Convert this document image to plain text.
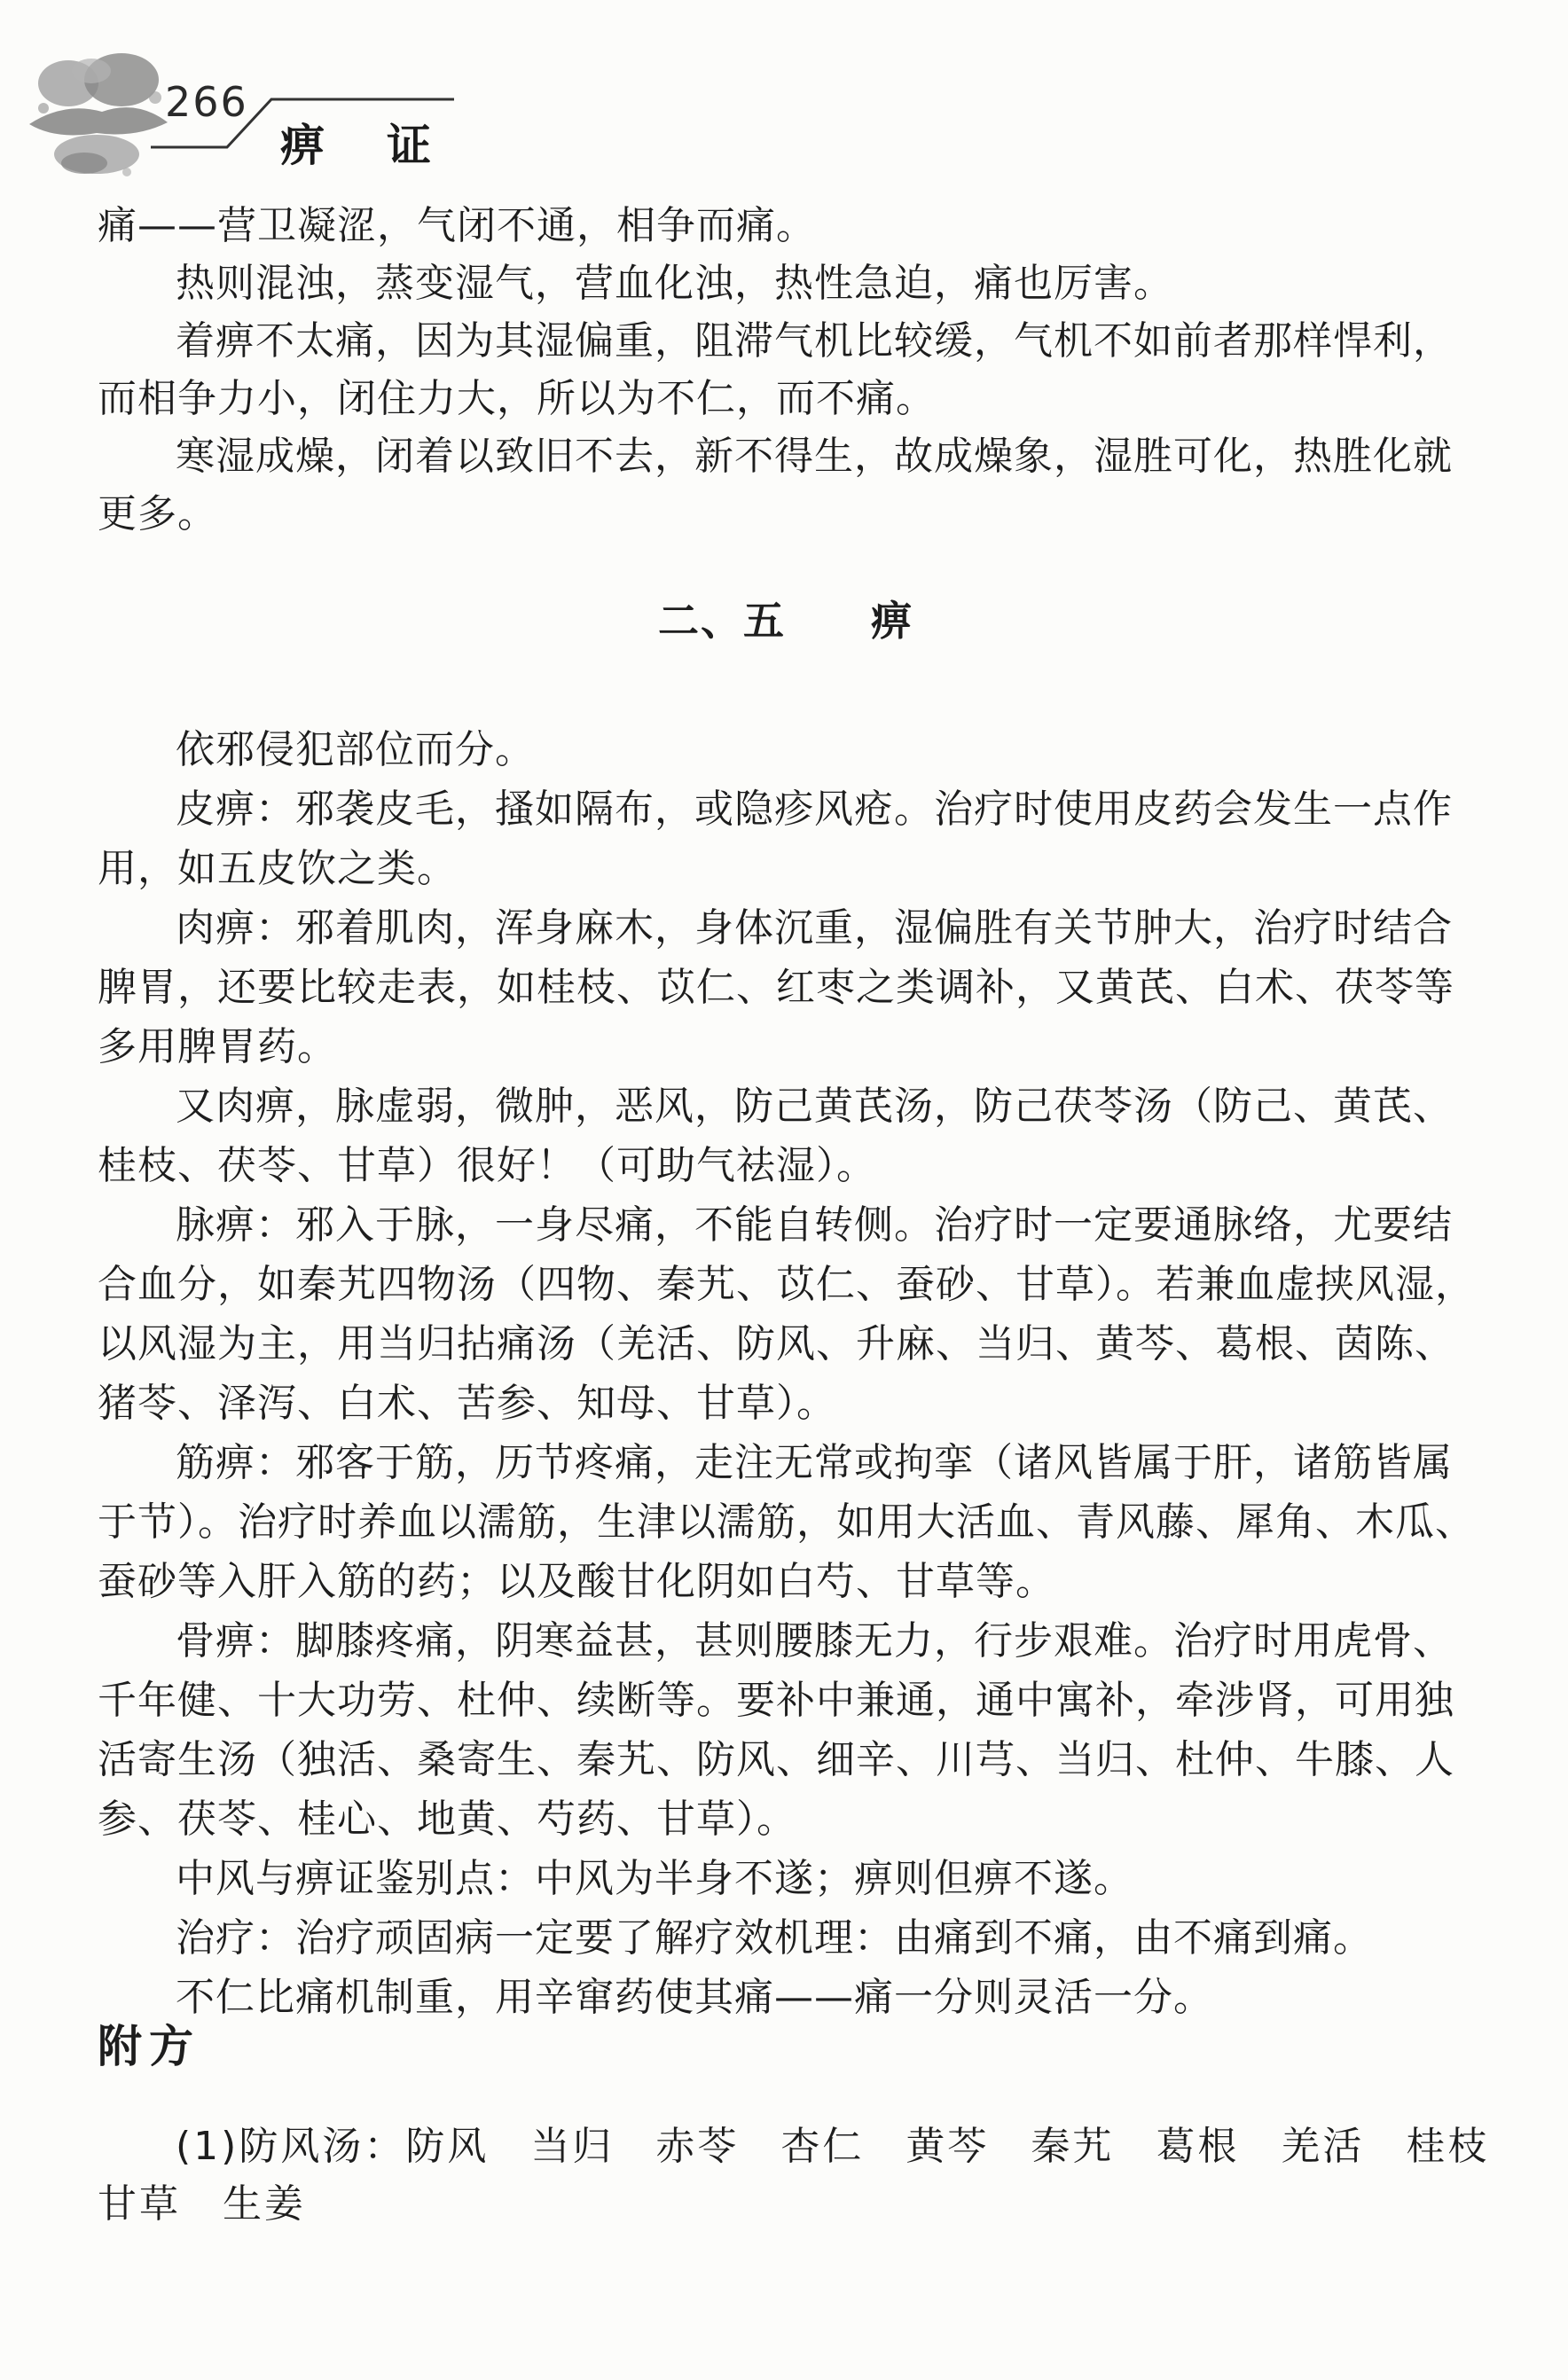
266
痹　证
痛——营卫凝涩，气闭不通，相争而痛。
热则混浊，蒸变湿气，营血化浊，热性急迫，痛也厉害。
着痹不太痛，因为其湿偏重，阻滞气机比较缓，气机不如前者那样悍利，
而相争力小，闭住力大，所以为不仁，而不痛。
寒湿成燥，闭着以致旧不去，新不得生，故成燥象，湿胜可化，热胜化就
更多。
二、五　　痹
依邪侵犯部位而分。
皮痹：邪袭皮毛，搔如隔布，或隐疹风疮。治疗时使用皮药会发生一点作
用，如五皮饮之类。
肉痹：邪着肌肉，浑身麻木，身体沉重，湿偏胜有关节肿大，治疗时结合
脾胃，还要比较走表，如桂枝、苡仁、红枣之类调补，又黄芪、白术、茯苓等
多用脾胃药。
又肉痹，脉虚弱，微肿，恶风，防己黄芪汤，防己茯苓汤（防己、黄芪、
桂枝、茯苓、甘草）很好！（可助气祛湿）。
脉痹：邪入于脉，一身尽痛，不能自转侧。治疗时一定要通脉络，尤要结
合血分，如秦艽四物汤（四物、秦艽、苡仁、蚕砂、甘草）。若兼血虚挟风湿，
以风湿为主，用当归拈痛汤（羌活、防风、升麻、当归、黄芩、葛根、茵陈、
猪苓、泽泻、白术、苦参、知母、甘草）。
筋痹：邪客于筋，历节疼痛，走注无常或拘挛（诸风皆属于肝，诸筋皆属
于节）。治疗时养血以濡筋，生津以濡筋，如用大活血、青风藤、犀角、木瓜、
蚕砂等入肝入筋的药；以及酸甘化阴如白芍、甘草等。
骨痹：脚膝疼痛，阴寒益甚，甚则腰膝无力，行步艰难。治疗时用虎骨、
千年健、十大功劳、杜仲、续断等。要补中兼通，通中寓补，牵涉肾，可用独
活寄生汤（独活、桑寄生、秦艽、防风、细辛、川芎、当归、杜仲、牛膝、人
参、茯苓、桂心、地黄、芍药、甘草）。
中风与痹证鉴别点：中风为半身不遂；痹则但痹不遂。
治疗：治疗顽固病一定要了解疗效机理：由痛到不痛，由不痛到痛。
不仁比痛机制重，用辛窜药使其痛——痛一分则灵活一分。
附方
(1)防风汤：防风　当归　赤苓　杏仁　黄芩　秦艽　葛根　羌活　桂枝
甘草　生姜
